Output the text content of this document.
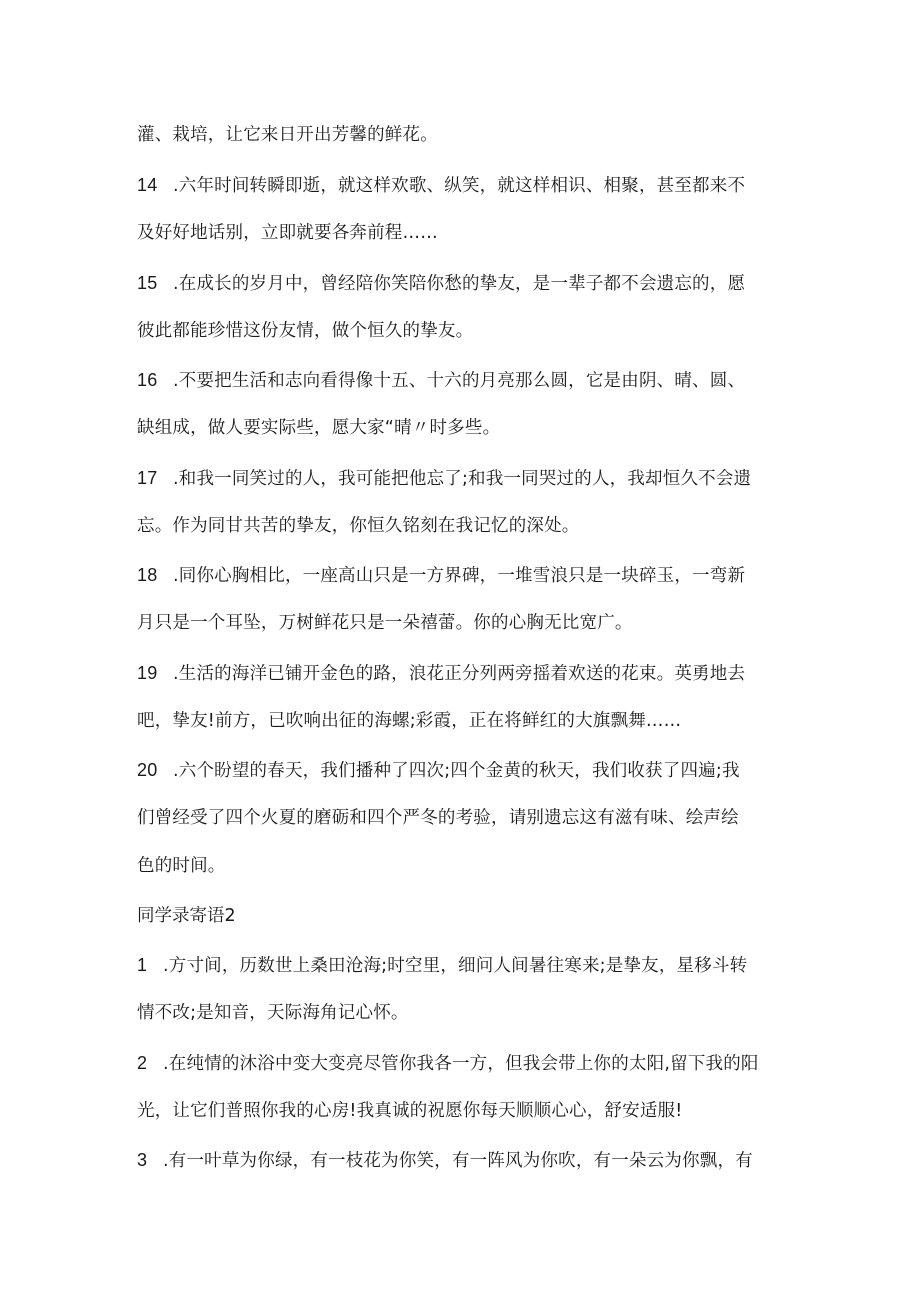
灌、栽培，让它来日开出芳馨的鲜花。
14 .六年时间转瞬即逝，就这样欢歌、纵笑，就这样相识、相聚，甚至都来不
及好好地话别，立即就要各奔前程……
15 .在成长的岁月中，曾经陪你笑陪你愁的挚友，是一辈子都不会遗忘的，愿
彼此都能珍惜这份友情，做个恒久的挚友。
16 .不要把生活和志向看得像十五、十六的月亮那么圆，它是由阴、晴、圆、
缺组成，做人要实际些，愿大家“晴〃时多些。
17 .和我一同笑过的人，我可能把他忘了;和我一同哭过的人，我却恒久不会遗
忘。作为同甘共苦的挚友，你恒久铭刻在我记忆的深处。
18 .同你心胸相比，一座高山只是一方界碑，一堆雪浪只是一块碎玉，一弯新
月只是一个耳坠，万树鲜花只是一朵禧蕾。你的心胸无比宽广。
19 .生活的海洋已铺开金色的路，浪花正分列两旁摇着欢送的花束。英勇地去
吧，挚友!前方，已吹响出征的海螺;彩霞，正在将鲜红的大旗飘舞……
20 .六个盼望的春天，我们播种了四次;四个金黄的秋天，我们收获了四遍;我
们曾经受了四个火夏的磨砺和四个严冬的考验，请别遗忘这有滋有味、绘声绘
色的时间。
同学录寄语2
1 .方寸间，历数世上桑田沧海;时空里，细问人间暑往寒来;是挚友，星移斗转
情不改;是知音，天际海角记心怀。
2 .在纯情的沐浴中变大变亮尽管你我各一方，但我会带上你的太阳,留下我的阳
光，让它们普照你我的心房!我真诚的祝愿你每天顺顺心心，舒安适服!
3 .有一叶草为你绿，有一枝花为你笑，有一阵风为你吹，有一朵云为你飘，有
